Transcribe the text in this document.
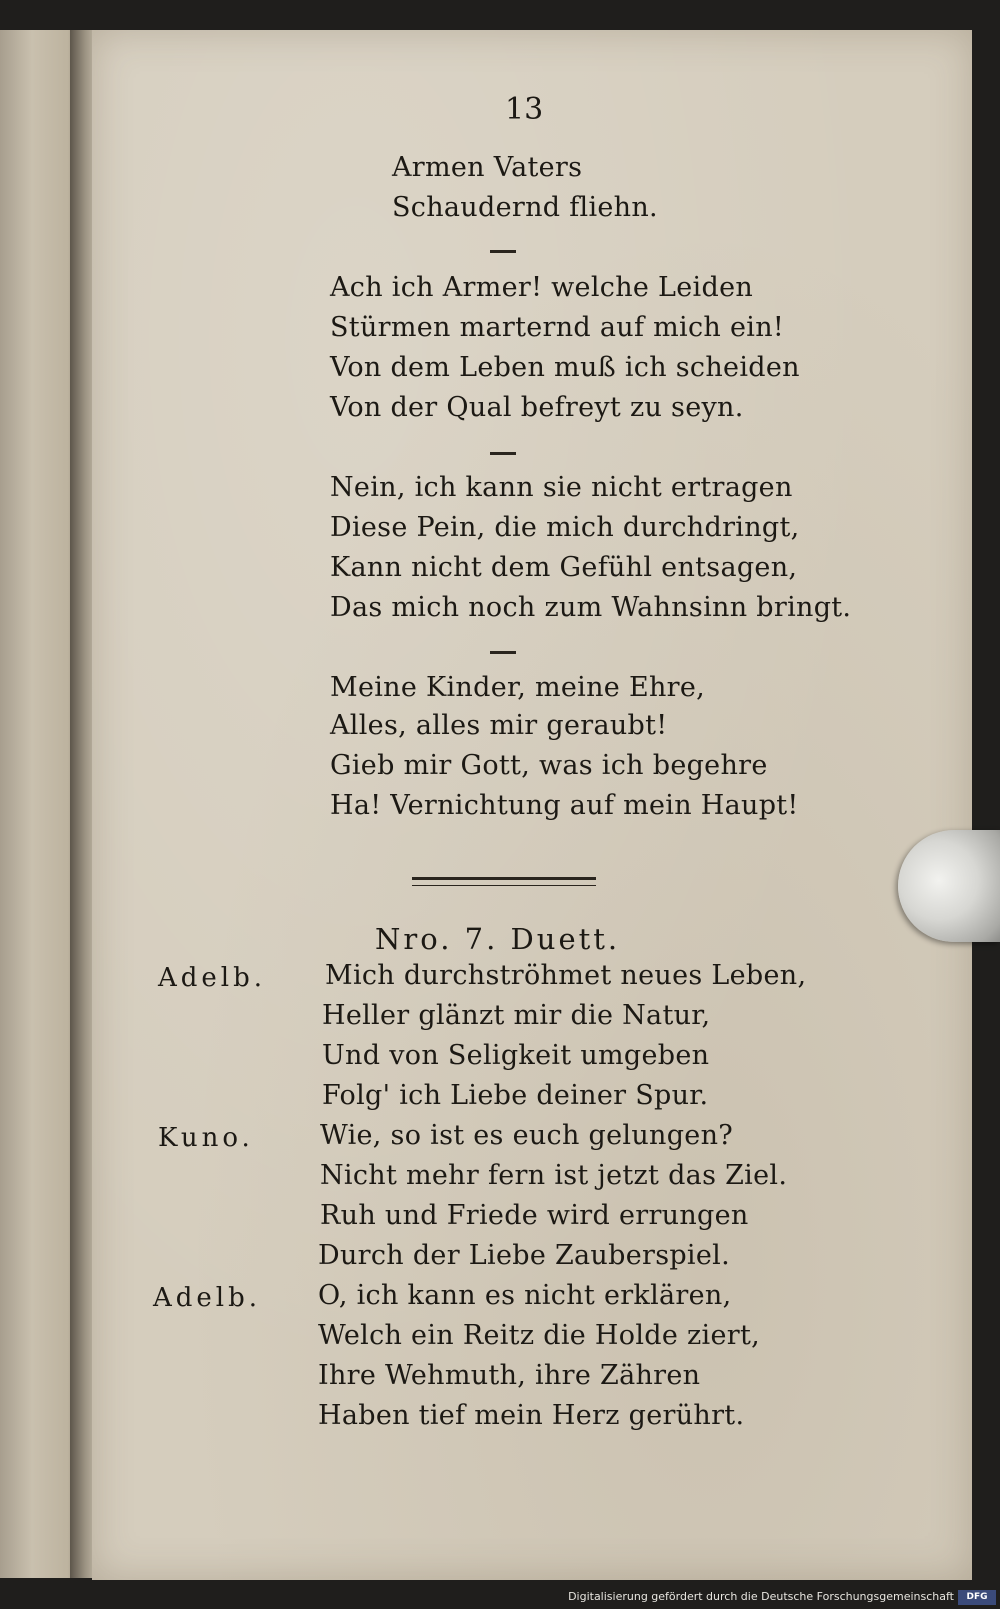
13
Armen Vaters
Schaudernd fliehn.
Ach ich Armer! welche Leiden
Stürmen marternd auf mich ein!
Von dem Leben muß ich scheiden
Von der Qual befreyt zu seyn.
Nein, ich kann sie nicht ertragen
Diese Pein, die mich durchdringt,
Kann nicht dem Gefühl entsagen,
Das mich noch zum Wahnsinn bringt.
Meine Kinder, meine Ehre,
Alles, alles mir geraubt!
Gieb mir Gott, was ich begehre
Ha! Vernichtung auf mein Haupt!
Nro. 7. Duett.
Adelb. Mich durchströhmet neues Leben,
Heller glänzt mir die Natur,
Und von Seligkeit umgeben
Folg' ich Liebe deiner Spur.
Kuno. Wie, so ist es euch gelungen?
Nicht mehr fern ist jetzt das Ziel.
Ruh und Friede wird errungen
Durch der Liebe Zauberspiel.
Adelb. O, ich kann es nicht erklären,
Welch ein Reitz die Holde ziert,
Ihre Wehmuth, ihre Zähren
Haben tief mein Herz gerührt.
Digitalisierung gefördert durch die Deutsche Forschungsgemeinschaft	DFG
